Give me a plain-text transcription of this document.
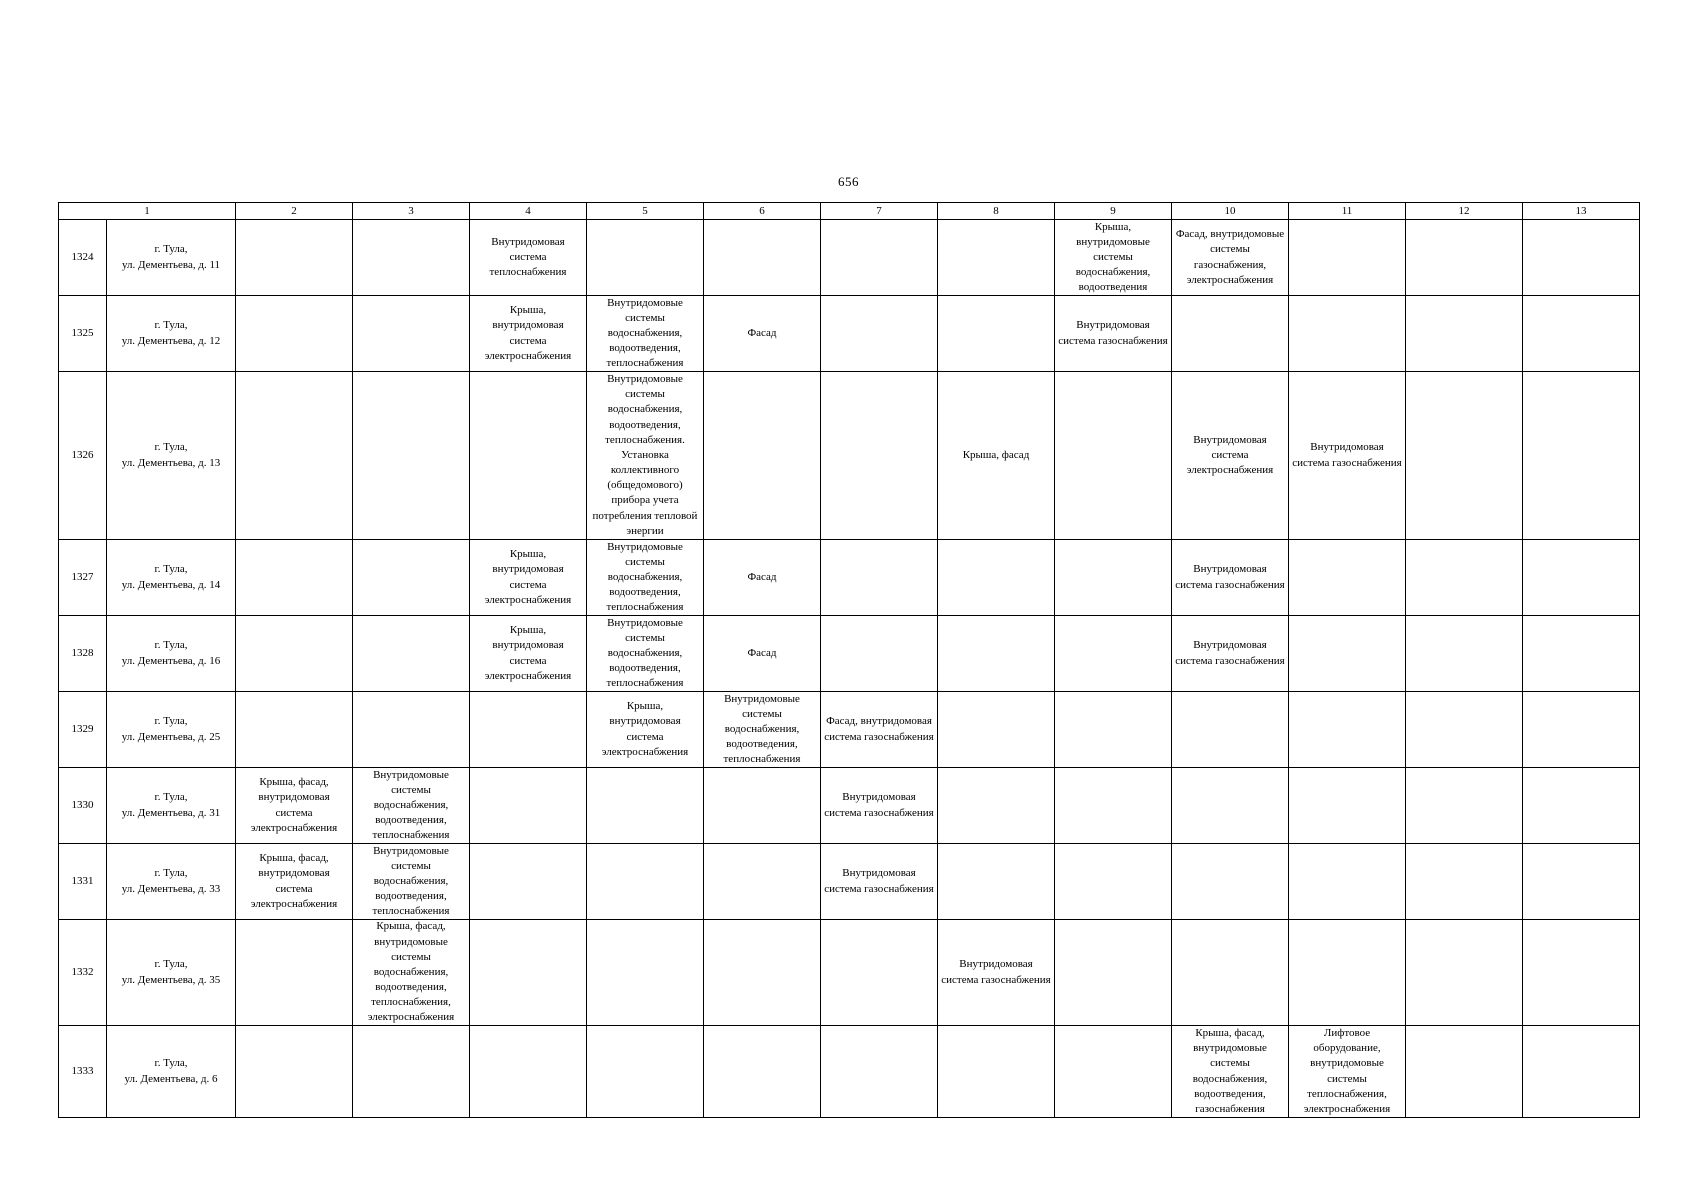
656
1		2	3	4	5	6	7	8	9	10	11	12	13

1324	г. Тула,
ул. Дементьева, д. 11			Внутридомовая система теплоснабжения					Крыша, внутридомовые системы водоснабжения, водоотведения	Фасад, внутридомовые системы газоснабжения, электроснабжения			

1325	г. Тула,
ул. Дементьева, д. 12			Крыша, внутридомовая система электроснабжения	Внутридомовые системы водоснабжения, водоотведения, теплоснабжения	Фасад			Внутридомовая система газоснабжения				

1326	г. Тула,
ул. Дементьева, д. 13				Внутридомовые системы водоснабжения, водоотведения, теплоснабжения. Установка коллективного (общедомового) прибора учета потребления тепловой энергии			Крыша, фасад		Внутридомовая система электроснабжения	Внутридомовая система газоснабжения		

1327	г. Тула,
ул. Дементьева, д. 14			Крыша, внутридомовая система электроснабжения	Внутридомовые системы водоснабжения, водоотведения, теплоснабжения	Фасад				Внутридомовая система газоснабжения			

1328	г. Тула,
ул. Дементьева, д. 16			Крыша, внутридомовая система электроснабжения	Внутридомовые системы водоснабжения, водоотведения, теплоснабжения	Фасад				Внутридомовая система газоснабжения			

1329	г. Тула,
ул. Дементьева, д. 25				Крыша, внутридомовая система электроснабжения	Внутридомовые системы водоснабжения, водоотведения, теплоснабжения	Фасад, внутридомовая система газоснабжения						

1330	г. Тула,
ул. Дементьева, д. 31	Крыша, фасад, внутридомовая система электроснабжения	Внутридомовые системы водоснабжения, водоотведения, теплоснабжения				Внутридомовая система газоснабжения						

1331	г. Тула,
ул. Дементьева, д. 33	Крыша, фасад, внутридомовая система электроснабжения	Внутридомовые системы водоснабжения, водоотведения, теплоснабжения				Внутридомовая система газоснабжения						

1332	г. Тула,
ул. Дементьева, д. 35		Крыша, фасад, внутридомовые системы водоснабжения, водоотведения, теплоснабжения, электроснабжения					Внутридомовая система газоснабжения					

1333	г. Тула,
ул. Дементьева, д. 6									Крыша, фасад, внутридомовые системы водоснабжения, водоотведения, газоснабжения	Лифтовое оборудование, внутридомовые системы теплоснабжения, электроснабжения		
